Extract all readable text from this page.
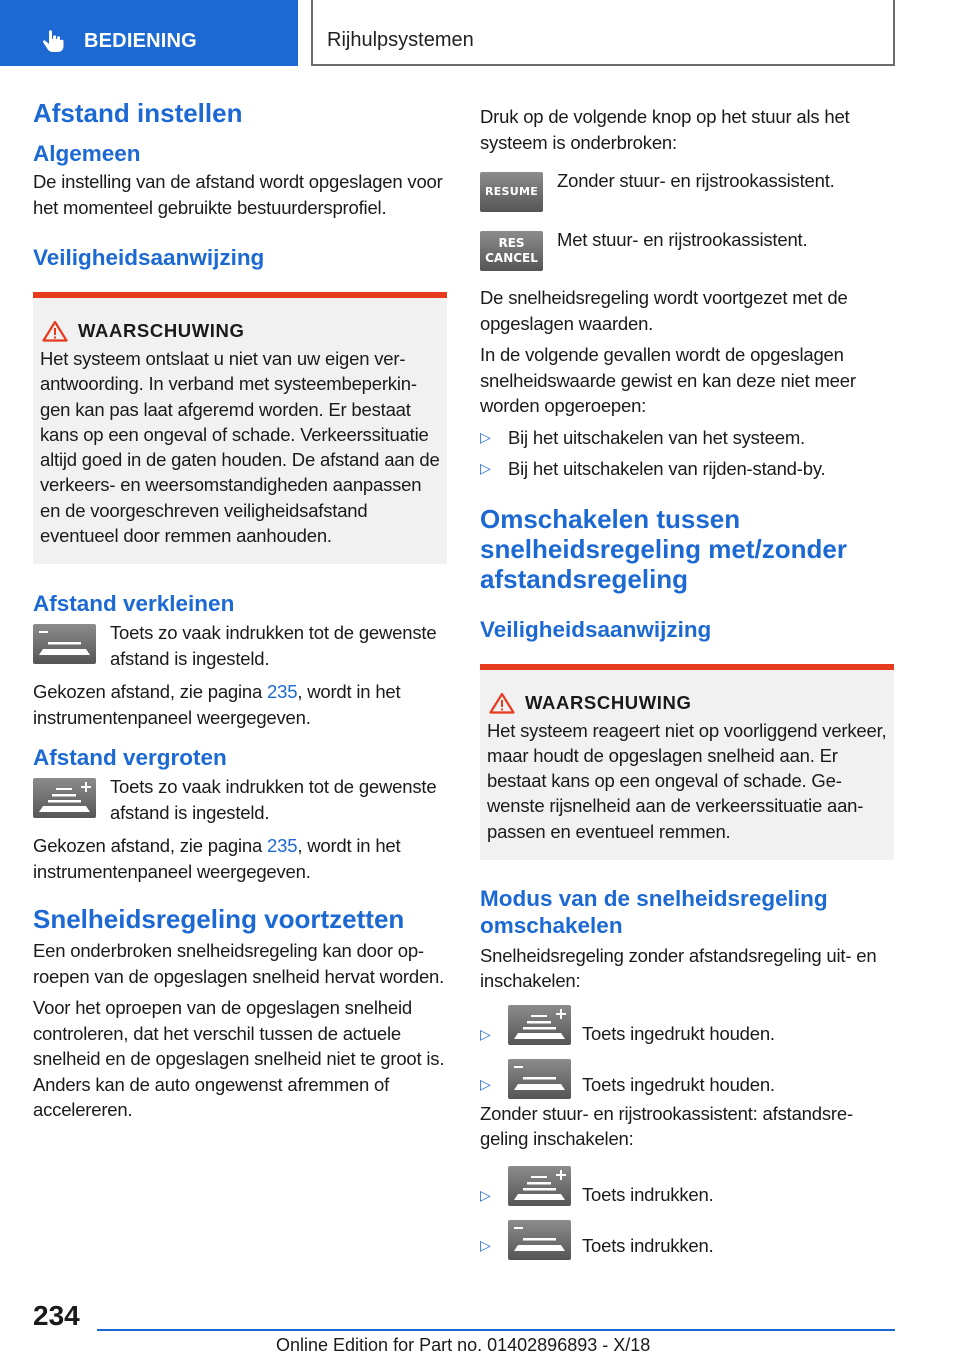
BEDIENING	Rijhulpsystemen
Afstand instellen
Algemeen

De instelling van de afstand wordt opgeslagen voor het momenteel gebruikte bestuurdersprofiel.

Veiligheidsaanwijzing
WAARSCHUWING

Het systeem ontslaat u niet van uw eigen verantwoording. In verband met systeembeperkingen kan pas laat afgeremd worden. Er bestaat kans op een ongeval of schade. Verkeerssituatie altijd goed in de gaten houden. De afstand aan de verkeers- en weersomstandigheden aanpassen en de voorgeschreven veiligheidsafstand eventueel door remmen aanhouden.

Afstand verkleinen

Toets zo vaak indrukken tot de gewenste afstand is ingesteld.

Gekozen afstand, zie pagina 235, wordt in het instrumentenpaneel weergegeven.

Afstand vergroten

Toets zo vaak indrukken tot de gewenste afstand is ingesteld.

Gekozen afstand, zie pagina 235, wordt in het instrumentenpaneel weergegeven.

Snelheidsregeling voortzetten

Een onderbroken snelheidsregeling kan door oproepen van de opgeslagen snelheid hervat worden.

Voor het oproepen van de opgeslagen snelheid controleren, dat het verschil tussen de actuele snelheid en de opgeslagen snelheid niet te groot is. Anders kan de auto ongewenst afremmen of accelereren.

Druk op de volgende knop op het stuur als het systeem is onderbroken:

RESUME

Zonder stuur- en rijstrookassistent.

RES
CANCEL

Met stuur- en rijstrookassistent.

De snelheidsregeling wordt voortgezet met de opgeslagen waarden.

In de volgende gevallen wordt de opgeslagen snelheidswaarde gewist en kan deze niet meer worden opgeroepen:

▷ Bij het uitschakelen van het systeem.

▷ Bij het uitschakelen van rijden-stand-by.

Omschakelen tussen snelheidsregeling met/zonder afstandsregeling
Veiligheidsaanwijzing
WAARSCHUWING

Het systeem reageert niet op voorliggend verkeer, maar houdt de opgeslagen snelheid aan. Er bestaat kans op een ongeval of schade. Gewenste rijsnelheid aan de verkeerssituatie aanpassen en eventueel remmen.

Modus van de snelheidsregeling omschakelen

Snelheidsregeling zonder afstandsregeling uit- en inschakelen:

▷	Toets ingedrukt houden.

▷	Toets ingedrukt houden.

Zonder stuur- en rijstrookassistent: afstandsregeling inschakelen:

▷	Toets indrukken.

▷	Toets indrukken.

234
Online Edition for Part no. 01402896893 - X/18
